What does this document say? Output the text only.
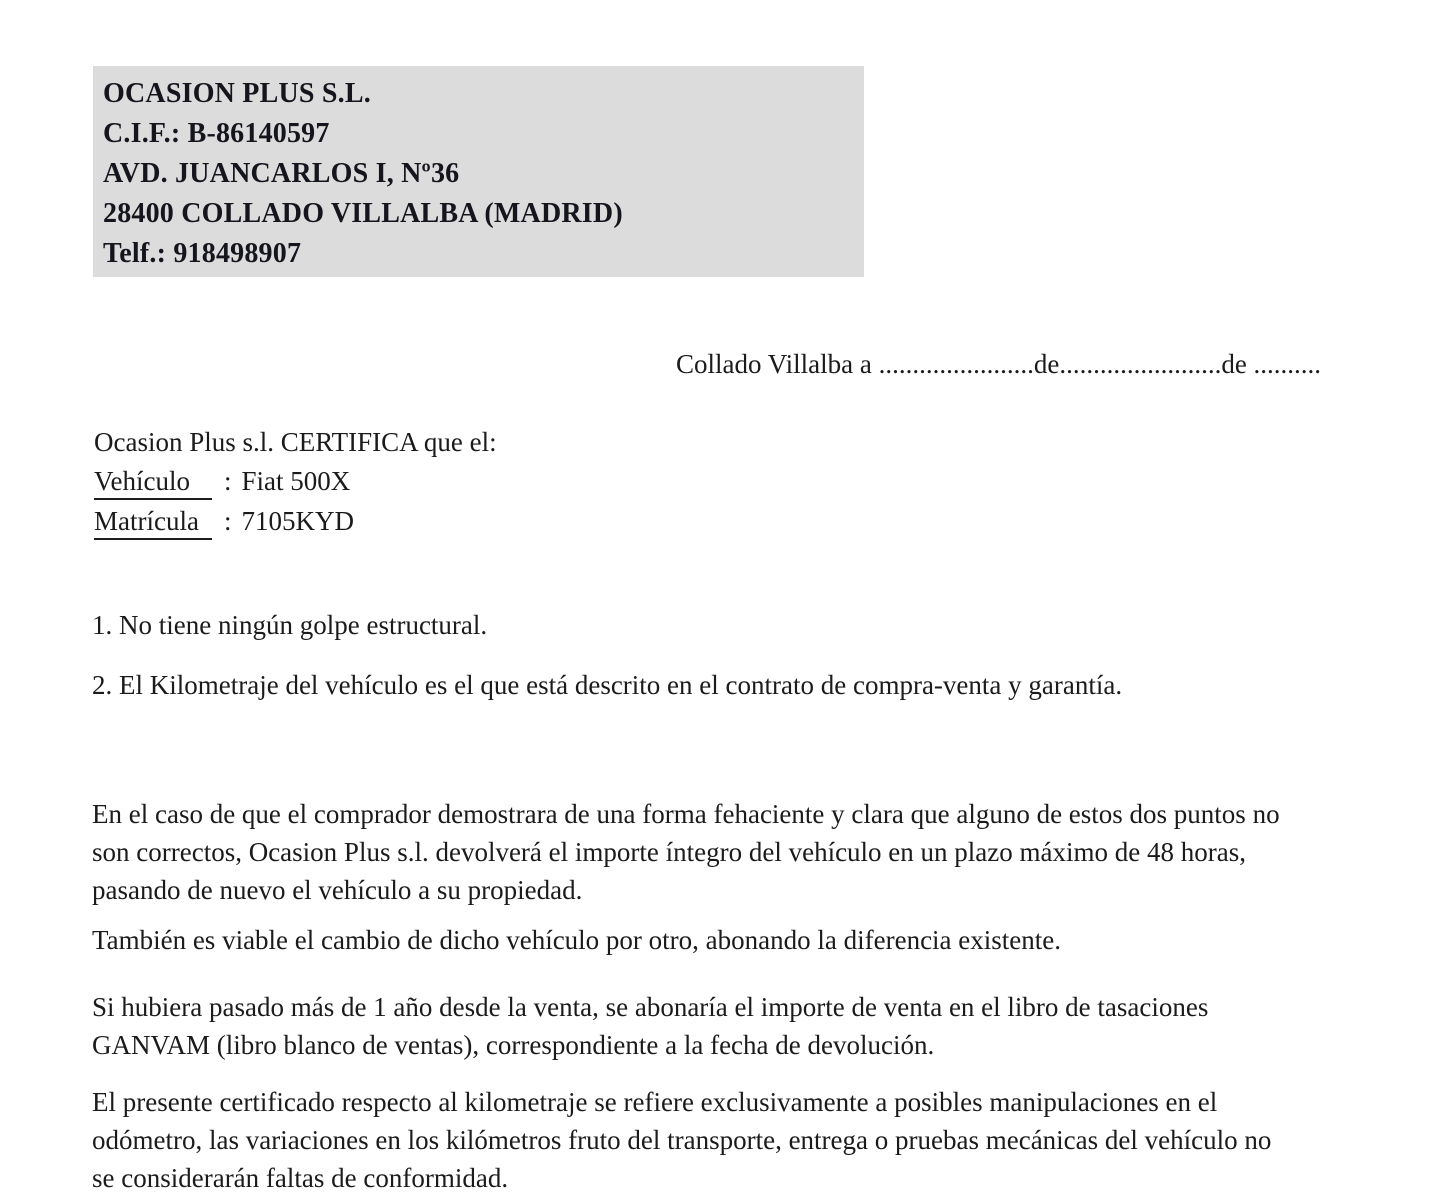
OCASION PLUS S.L.
C.I.F.: B-86140597
AVD. JUANCARLOS I, Nº36
28400 COLLADO VILLALBA (MADRID)
Telf.: 918498907
Collado Villalba a .......................de........................de ..........
Ocasion Plus s.l. CERTIFICA que el:
Vehículo : Fiat 500X
Matrícula : 7105KYD
1. No tiene ningún golpe estructural.
2. El Kilometraje del vehículo es el que está descrito en el contrato de compra-venta y garantía.
En el caso de que el comprador demostrara de una forma fehaciente y clara que alguno de estos dos puntos no
son correctos, Ocasion Plus s.l. devolverá el importe íntegro del vehículo en un plazo máximo de 48 horas,
pasando de nuevo el vehículo a su propiedad.
También es viable el cambio de dicho vehículo por otro, abonando la diferencia existente.
Si hubiera pasado más de 1 año desde la venta, se abonaría el importe de venta en el libro de tasaciones
GANVAM (libro blanco de ventas), correspondiente a la fecha de devolución.
El presente certificado respecto al kilometraje se refiere exclusivamente a posibles manipulaciones en el
odómetro, las variaciones en los kilómetros fruto del transporte, entrega o pruebas mecánicas del vehículo no
se considerarán faltas de conformidad.
